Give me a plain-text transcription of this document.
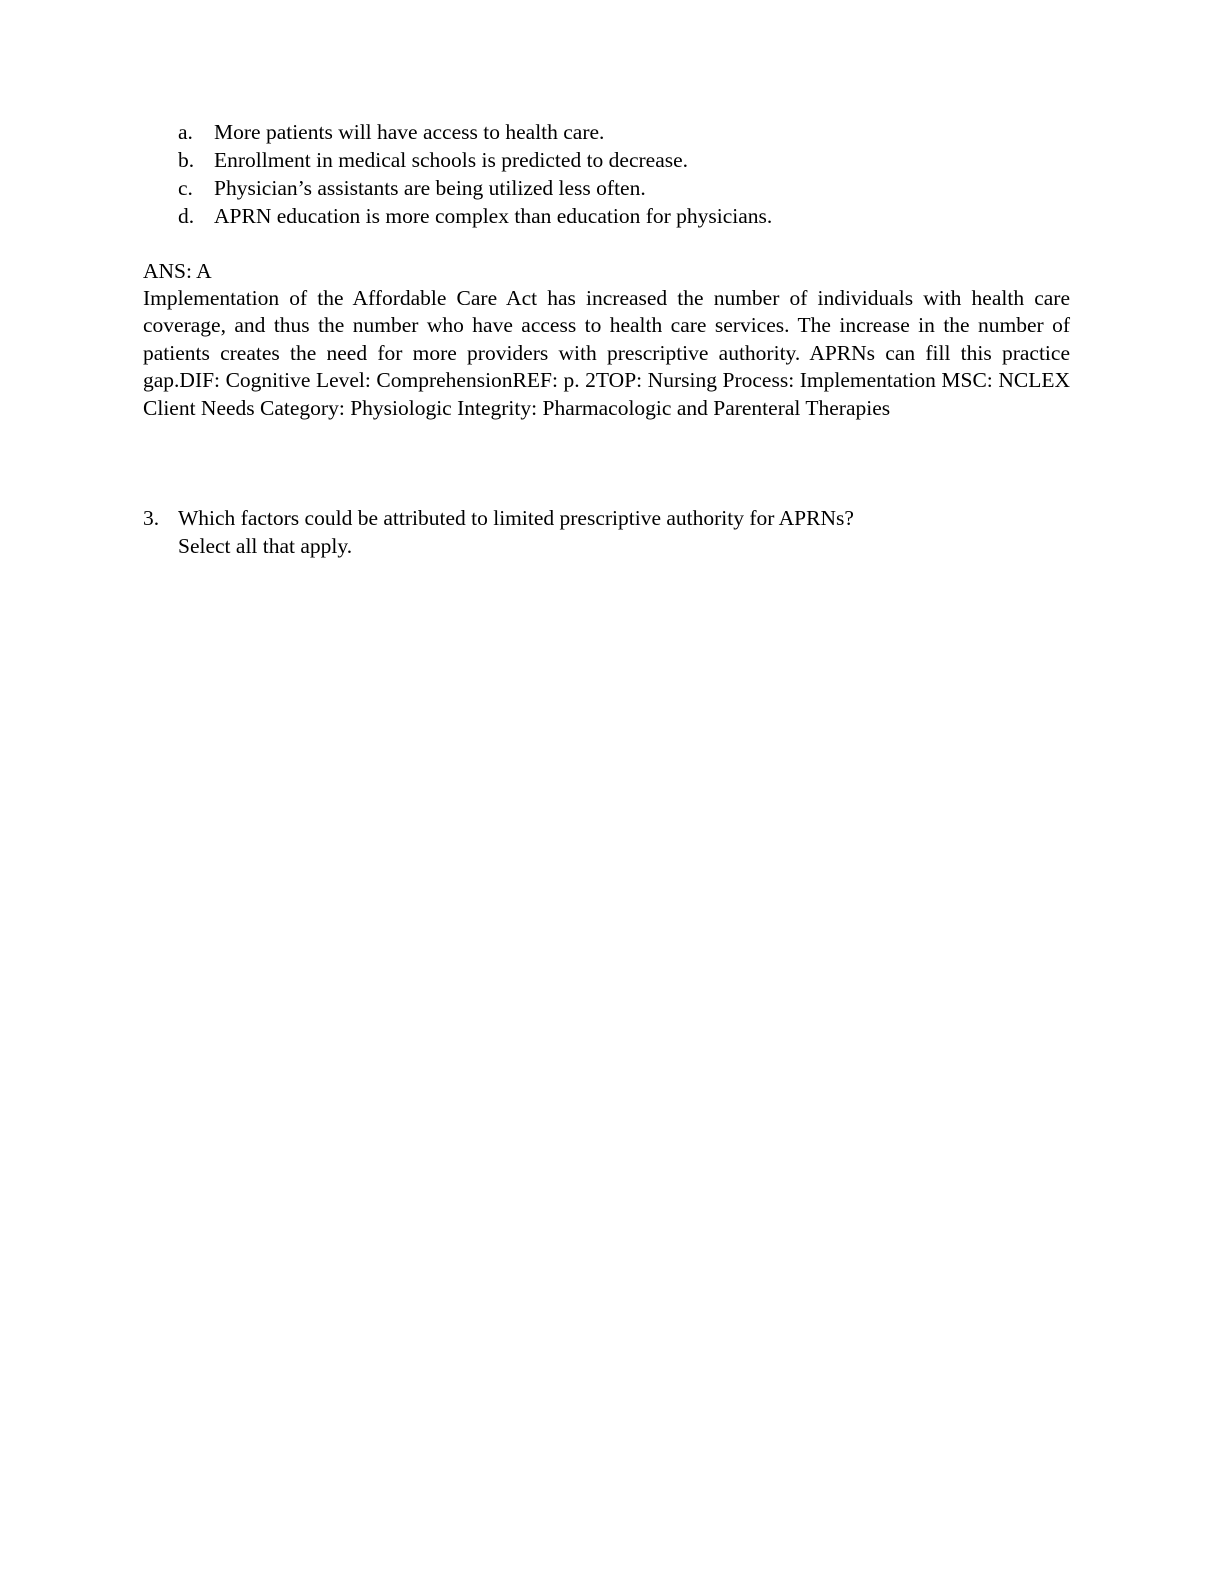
a. More patients will have access to health care.
b. Enrollment in medical schools is predicted to decrease.
c. Physician’s assistants are being utilized less often.
d. APRN education is more complex than education for physicians.
ANS: A

Implementation of the Affordable Care Act has increased the number of individuals with health care coverage, and thus the number who have access to health care services. The increase in the number of patients creates the need for more providers with prescriptive authority. APRNs can fill this practice gap.DIF: Cognitive Level: ComprehensionREF: p. 2TOP: Nursing Process: Implementation MSC: NCLEX Client Needs Category: Physiologic Integrity: Pharmacologic and Parenteral Therapies

3. Which factors could be attributed to limited prescriptive authority for APRNs?
Select all that apply.
